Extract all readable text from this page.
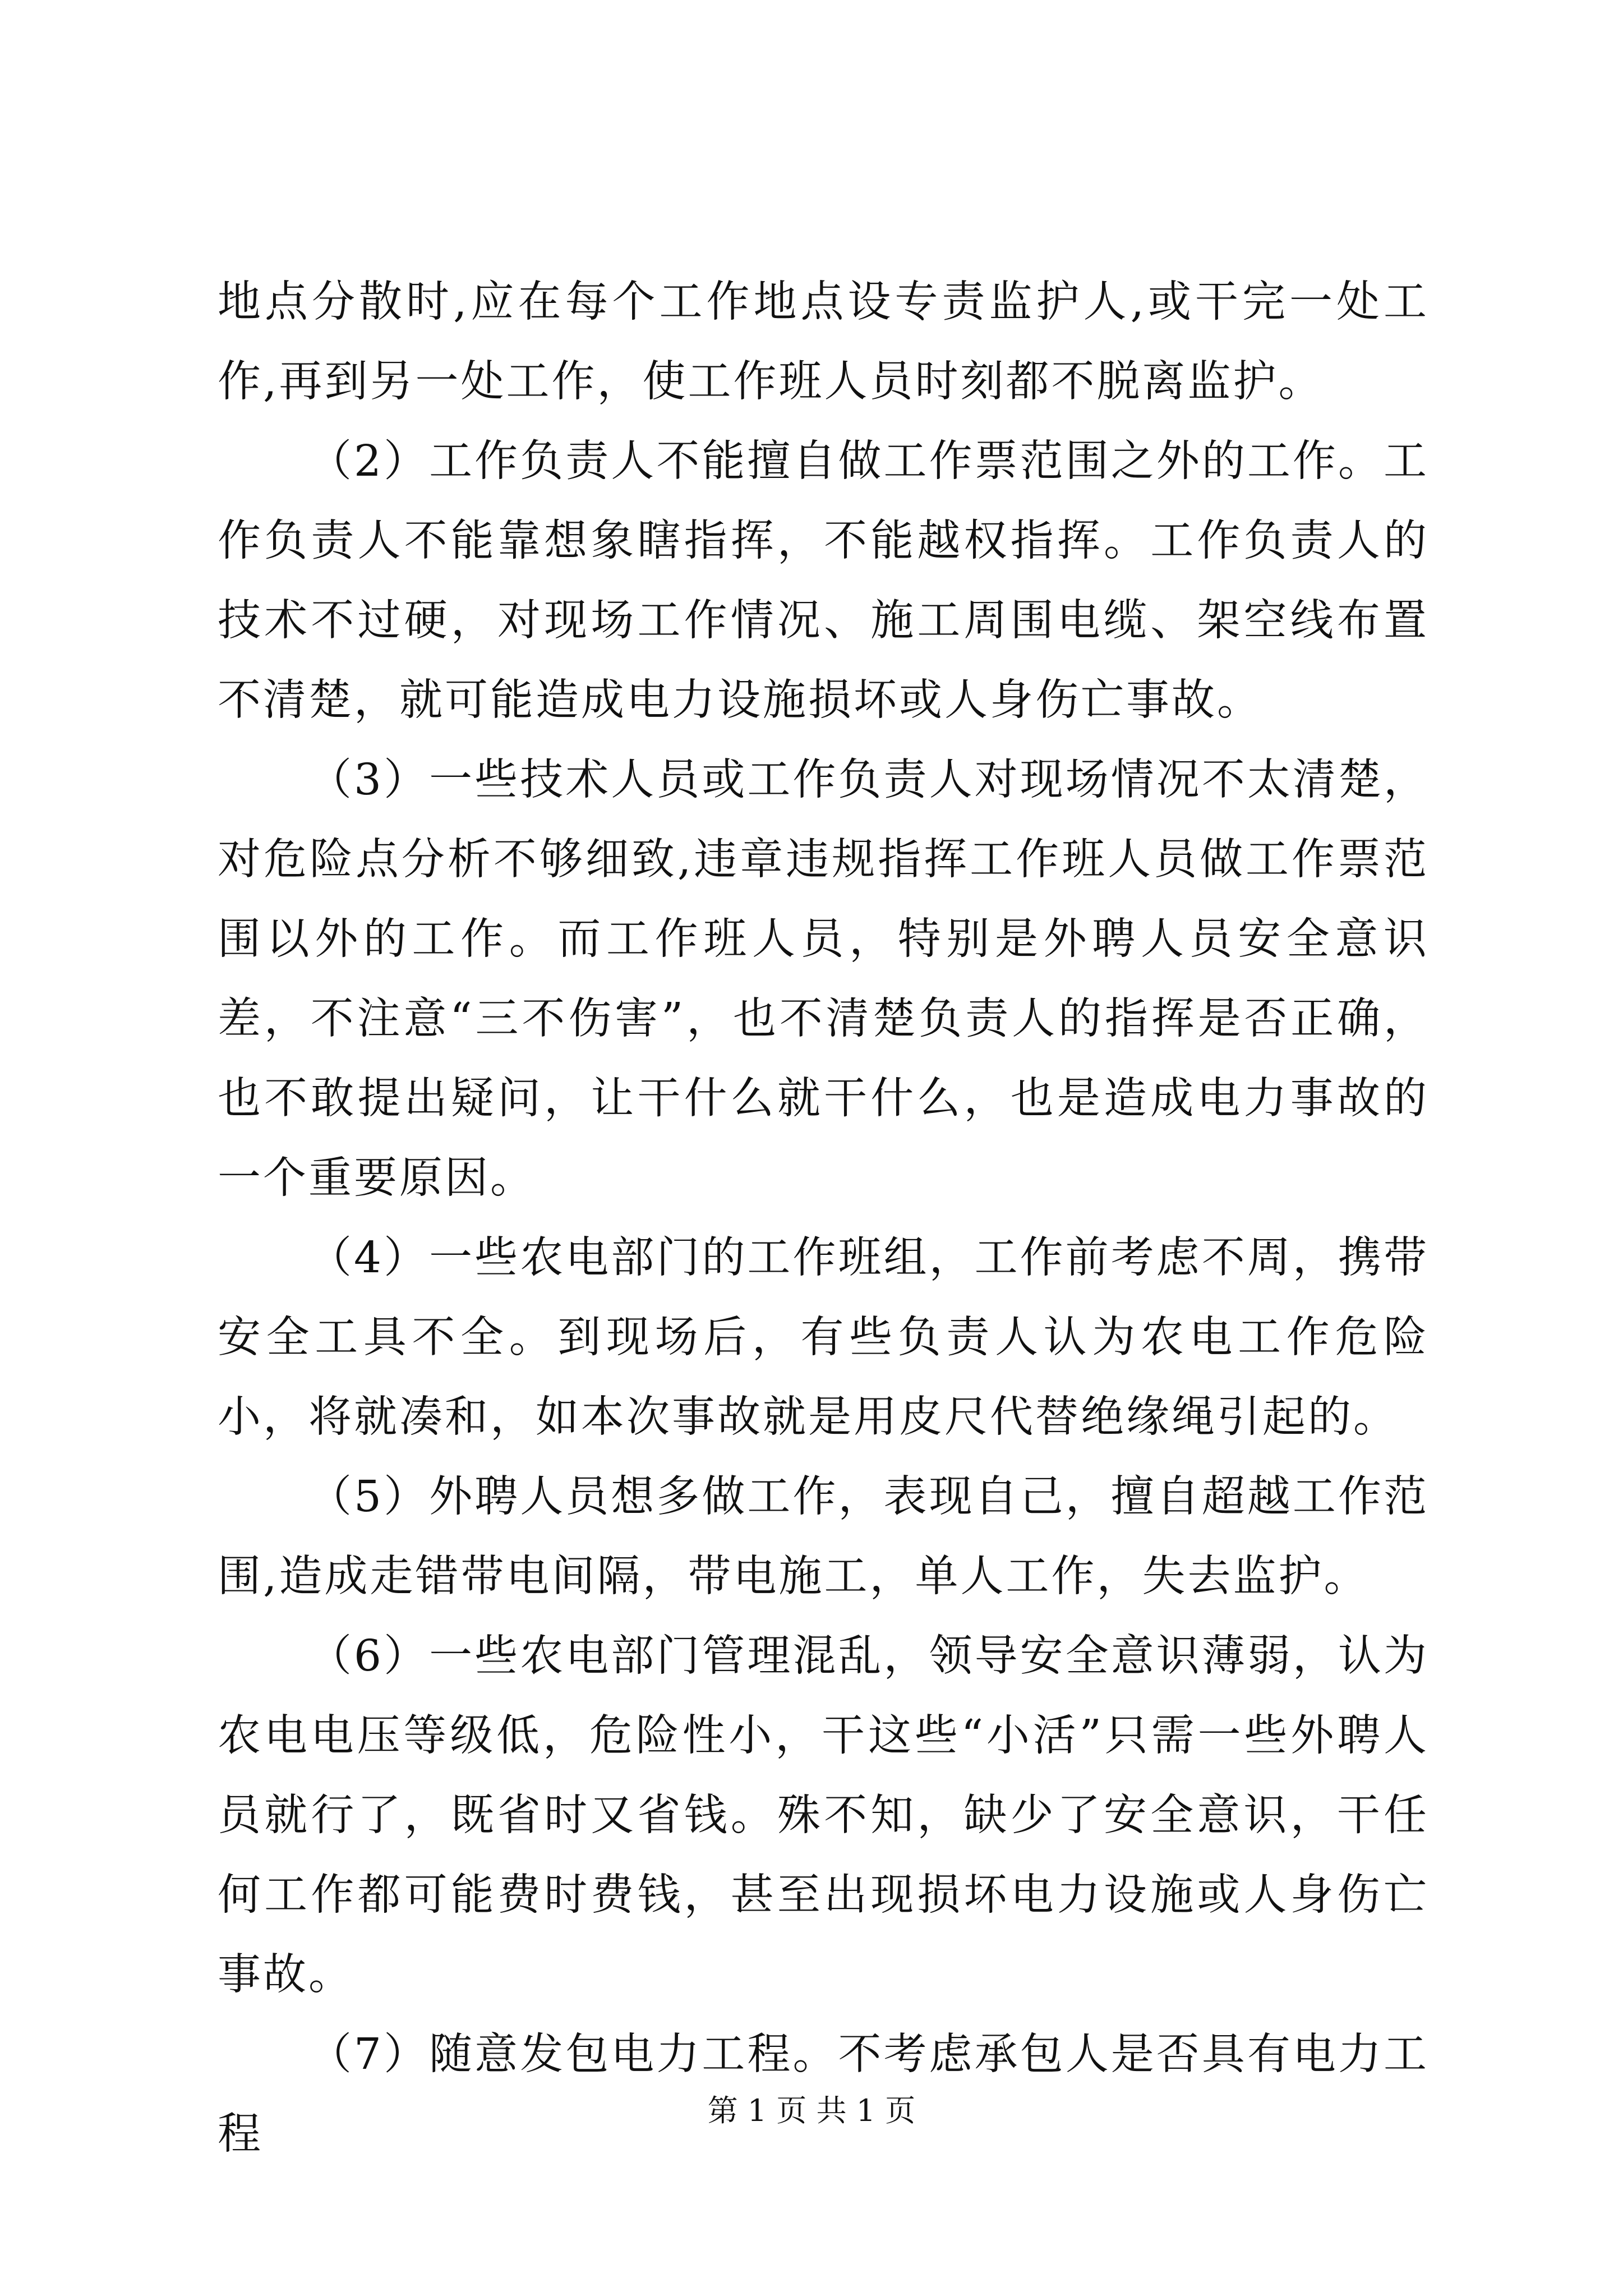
地点分散时,应在每个工作地点设专责监护人,或干完一处工作,再到另一处工作，使工作班人员时刻都不脱离监护。

（2）工作负责人不能擅自做工作票范围之外的工作。工作负责人不能靠想象瞎指挥，不能越权指挥。工作负责人的技术不过硬，对现场工作情况、施工周围电缆、架空线布置不清楚，就可能造成电力设施损坏或人身伤亡事故。

（3）一些技术人员或工作负责人对现场情况不太清楚，对危险点分析不够细致,违章违规指挥工作班人员做工作票范围以外的工作。而工作班人员，特别是外聘人员安全意识差，不注意“三不伤害”，也不清楚负责人的指挥是否正确，也不敢提出疑问，让干什么就干什么，也是造成电力事故的一个重要原因。

（4）一些农电部门的工作班组，工作前考虑不周，携带安全工具不全。到现场后，有些负责人认为农电工作危险小，将就凑和，如本次事故就是用皮尺代替绝缘绳引起的。

（5）外聘人员想多做工作，表现自己，擅自超越工作范围,造成走错带电间隔，带电施工，单人工作，失去监护。

（6）一些农电部门管理混乱，领导安全意识薄弱，认为农电电压等级低，危险性小，干这些“小活”只需一些外聘人员就行了，既省时又省钱。殊不知，缺少了安全意识，干任何工作都可能费时费钱，甚至出现损坏电力设施或人身伤亡事故。

（7）随意发包电力工程。不考虑承包人是否具有电力工程	第 1 页 共 1 页
